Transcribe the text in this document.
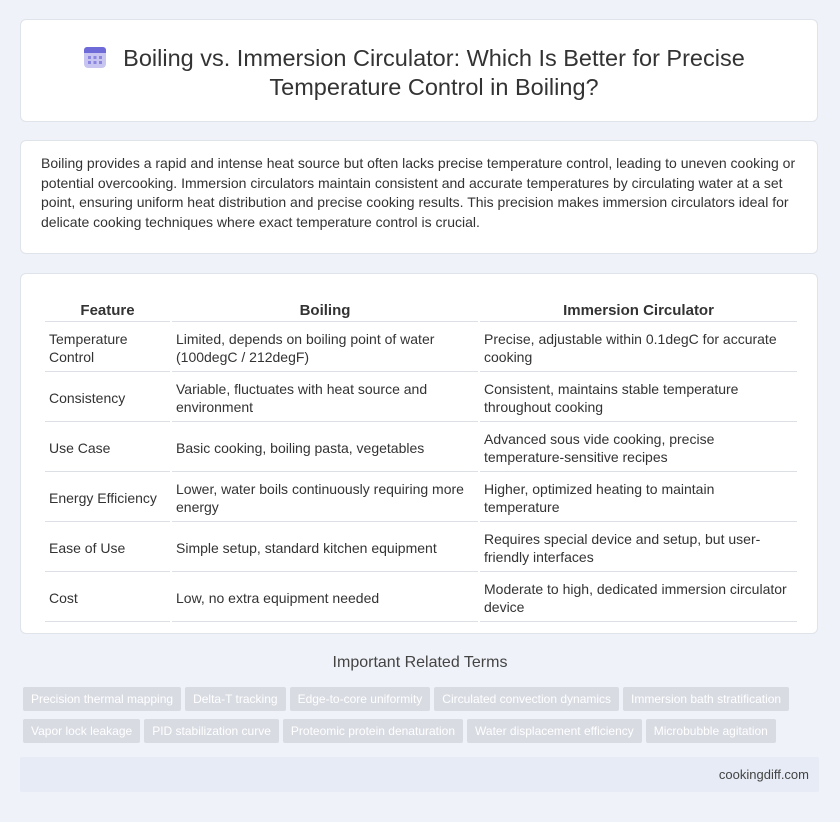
Boiling vs. Immersion Circulator: Which Is Better for Precise Temperature Control in Boiling?

Boiling provides a rapid and intense heat source but often lacks precise temperature control, leading to uneven cooking or potential overcooking. Immersion circulators maintain consistent and accurate temperatures by circulating water at a set point, ensuring uniform heat distribution and precise cooking results. This precision makes immersion circulators ideal for delicate cooking techniques where exact temperature control is crucial.

Feature	Boiling	Immersion Circulator
Temperature Control	Limited, depends on boiling point of water (100degC / 212degF)	Precise, adjustable within 0.1degC for accurate cooking
Consistency	Variable, fluctuates with heat source and environment	Consistent, maintains stable temperature throughout cooking
Use Case	Basic cooking, boiling pasta, vegetables	Advanced sous vide cooking, precise temperature-sensitive recipes
Energy Efficiency	Lower, water boils continuously requiring more energy	Higher, optimized heating to maintain temperature
Ease of Use	Simple setup, standard kitchen equipment	Requires special device and setup, but user-friendly interfaces
Cost	Low, no extra equipment needed	Moderate to high, dedicated immersion circulator device
Important Related Terms
Precision thermal mapping Delta-T tracking Edge-to-core uniformity Circulated convection dynamics Immersion bath stratification
Vapor lock leakage PID stabilization curve Proteomic protein denaturation Water displacement efficiency Microbubble agitation
cookingdiff.com
